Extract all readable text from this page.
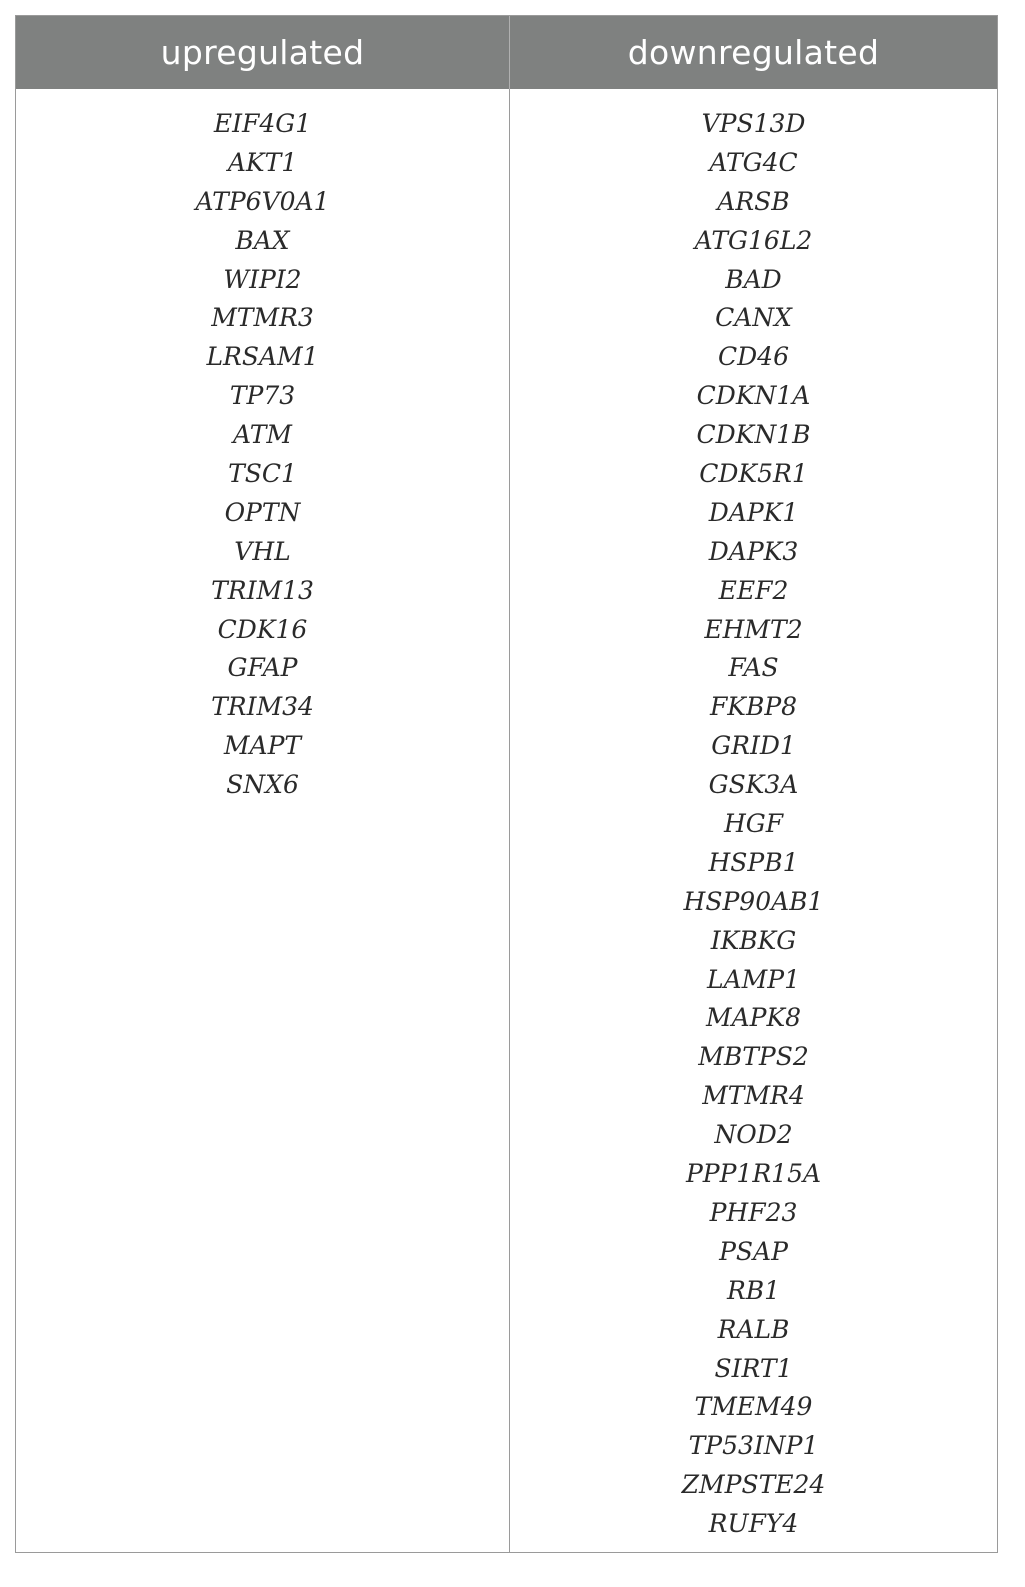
upregulated	downregulated
EIF4G1
AKT1
ATP6V0A1
BAX
WIPI2
MTMR3
LRSAM1
TP73
ATM
TSC1
OPTN
VHL
TRIM13
CDK16
GFAP
TRIM34
MAPT
SNX6
VPS13D
ATG4C
ARSB
ATG16L2
BAD
CANX
CD46
CDKN1A
CDKN1B
CDK5R1
DAPK1
DAPK3
EEF2
EHMT2
FAS
FKBP8
GRID1
GSK3A
HGF
HSPB1
HSP90AB1
IKBKG
LAMP1
MAPK8
MBTPS2
MTMR4
NOD2
PPP1R15A
PHF23
PSAP
RB1
RALB
SIRT1
TMEM49
TP53INP1
ZMPSTE24
RUFY4
